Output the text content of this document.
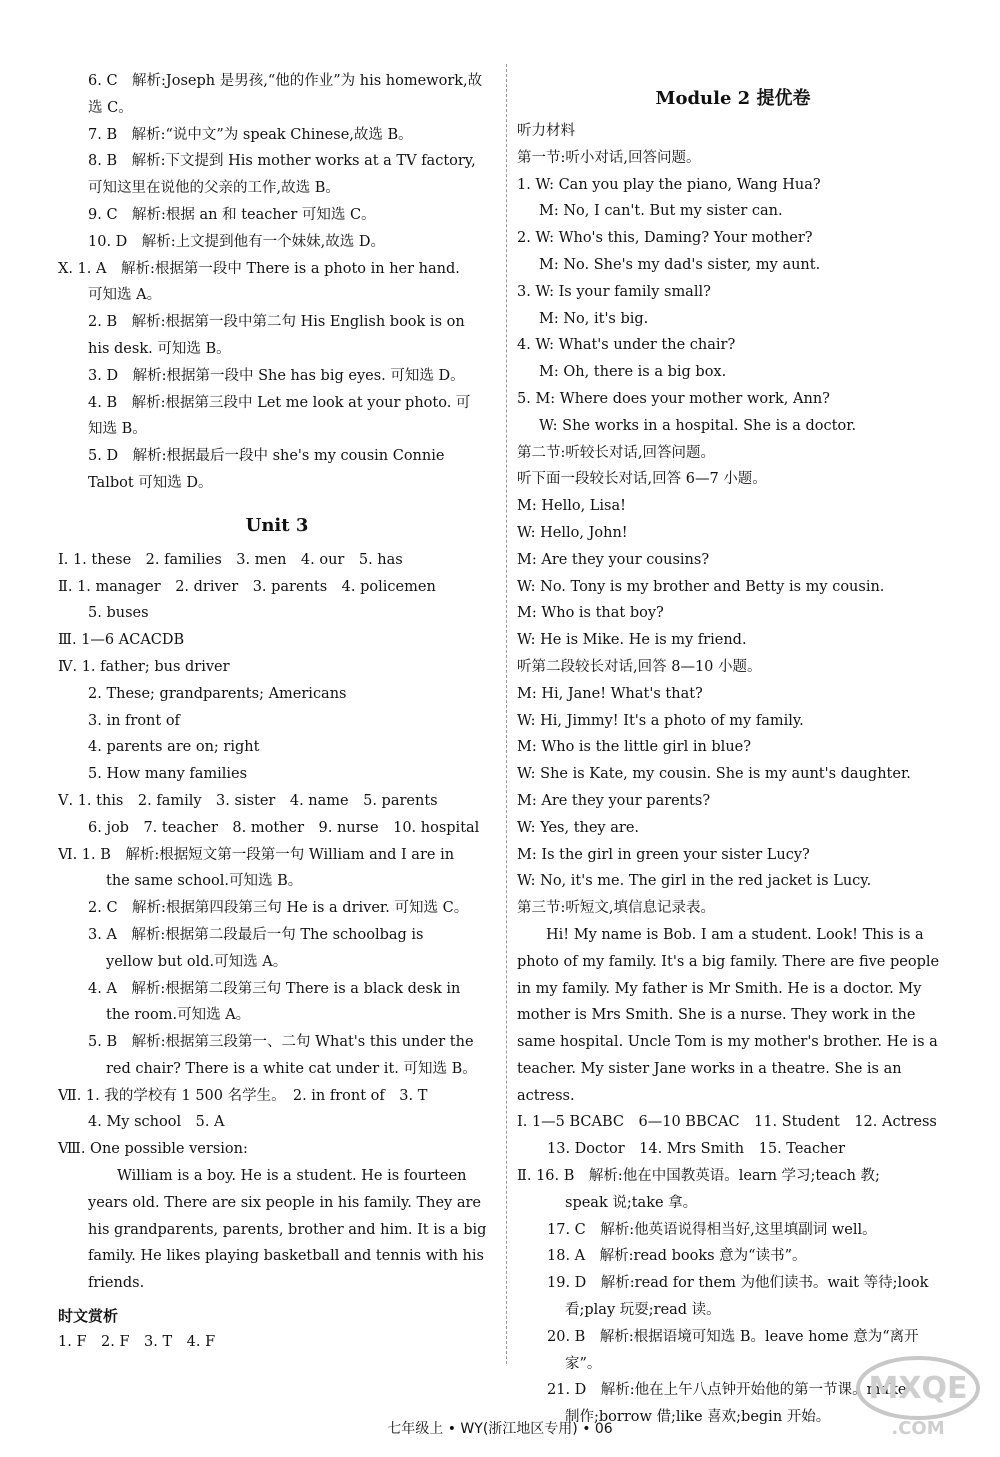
6. C　解析:Joseph 是男孩,“他的作业”为 his homework,故
选 C。
7. B　解析:“说中文”为 speak Chinese,故选 B。
8. B　解析:下文提到 His mother works at a TV factory,
可知这里在说他的父亲的工作,故选 B。
9. C　解析:根据 an 和 teacher 可知选 C。
10. D　解析:上文提到他有一个妹妹,故选 D。
Ⅹ. 1. A　解析:根据第一段中 There is a photo in her hand.
可知选 A。
2. B　解析:根据第一段中第二句 His English book is on
his desk. 可知选 B。
3. D　解析:根据第一段中 She has big eyes. 可知选 D。
4. B　解析:根据第三段中 Let me look at your photo. 可
知选 B。
5. D　解析:根据最后一段中 she's my cousin Connie
Talbot 可知选 D。
Unit 3
Ⅰ. 1. these　2. families　3. men　4. our　5. has
Ⅱ. 1. manager　2. driver　3. parents　4. policemen
5. buses
Ⅲ. 1—6 ACACDB
Ⅳ. 1. father; bus driver
2. These; grandparents; Americans
3. in front of
4. parents are on; right
5. How many families
Ⅴ. 1. this　2. family　3. sister　4. name　5. parents
6. job　7. teacher　8. mother　9. nurse　10. hospital
Ⅵ. 1. B　解析:根据短文第一段第一句 William and I are in
the same school.可知选 B。
2. C　解析:根据第四段第三句 He is a driver. 可知选 C。
3. A　解析:根据第二段最后一句 The schoolbag is
yellow but old.可知选 A。
4. A　解析:根据第二段第三句 There is a black desk in
the room.可知选 A。
5. B　解析:根据第三段第一、二句 What's this under the
red chair? There is a white cat under it. 可知选 B。
Ⅶ. 1. 我的学校有 1 500 名学生。　2. in front of　3. T
4. My school　5. A
Ⅷ. One possible version:
William is a boy. He is a student. He is fourteen years old. There are six people in his family. They are his grandparents, parents, brother and him. It is a big family. He likes playing basketball and tennis with his friends.
时文赏析
1. F　2. F　3. T　4. F
Module 2 提优卷
听力材料
第一节:听小对话,回答问题。
1. W: Can you play the piano, Wang Hua?
M: No, I can't. But my sister can.
2. W: Who's this, Daming? Your mother?
M: No. She's my dad's sister, my aunt.
3. W: Is your family small?
M: No, it's big.
4. W: What's under the chair?
M: Oh, there is a big box.
5. M: Where does your mother work, Ann?
W: She works in a hospital. She is a doctor.
第二节:听较长对话,回答问题。
听下面一段较长对话,回答 6—7 小题。
M: Hello, Lisa!
W: Hello, John!
M: Are they your cousins?
W: No. Tony is my brother and Betty is my cousin.
M: Who is that boy?
W: He is Mike. He is my friend.
听第二段较长对话,回答 8—10 小题。
M: Hi, Jane! What's that?
W: Hi, Jimmy! It's a photo of my family.
M: Who is the little girl in blue?
W: She is Kate, my cousin. She is my aunt's daughter.
M: Are they your parents?
W: Yes, they are.
M: Is the girl in green your sister Lucy?
W: No, it's me. The girl in the red jacket is Lucy.
第三节:听短文,填信息记录表。
Hi! My name is Bob. I am a student. Look! This is a photo of my family. It's a big family. There are five people in my family. My father is Mr Smith. He is a doctor. My mother is Mrs Smith. She is a nurse. They work in the same hospital. Uncle Tom is my mother's brother. He is a teacher. My sister Jane works in a theatre. She is an actress.
Ⅰ. 1—5 BCABC　6—10 BBCAC　11. Student　12. Actress
13. Doctor　14. Mrs Smith　15. Teacher
Ⅱ. 16. B　解析:他在中国教英语。learn 学习;teach 教;
speak 说;take 拿。
17. C　解析:他英语说得相当好,这里填副词 well。
18. A　解析:read books 意为“读书”。
19. D　解析:read for them 为他们读书。wait 等待;look
看;play 玩耍;read 读。
20. B　解析:根据语境可知选 B。leave home 意为“离开
家”。
21. D　解析:他在上午八点钟开始他的第一节课。make
制作;borrow 借;like 喜欢;begin 开始。
七年级上 • WY(浙江地区专用) • 06
MXQE
.COM
